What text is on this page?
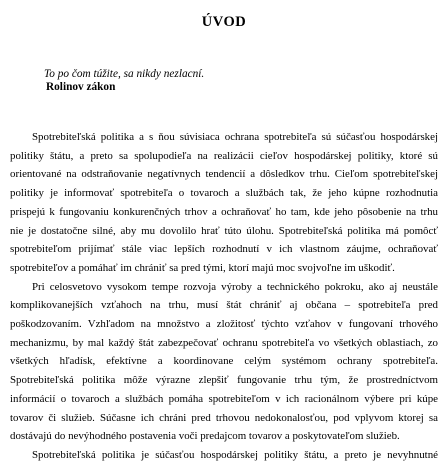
ÚVOD
To po čom túžite, sa nikdy nezlacní.
Rolinov zákon
Spotrebiteľská politika a s ňou súvisiaca ochrana spotrebiteľa sú súčasťou hospodárskej
politiky štátu, a preto sa spolupodieľa na realizácii cieľov hospodárskej politiky, ktoré sú
orientované na odstraňovanie negatívnych tendencií a dôsledkov trhu. Cieľom spotrebiteľskej
politiky je informovať spotrebiteľa o tovaroch a službách tak, že jeho kúpne rozhodnutia
prispejú k fungovaniu konkurenčných trhov a ochraňovať ho tam, kde jeho pôsobenie na trhu
nie je dostatočne silné, aby mu dovolilo hrať túto úlohu. Spotrebiteľská politika má pomôcť
spotrebiteľom prijímať stále viac lepších rozhodnutí v ich vlastnom záujme, ochraňovať
spotrebiteľov a pomáhať im chrániť sa pred tými, ktorí majú moc svojvoľne im uškodiť.
Pri celosvetovo vysokom tempe rozvoja výroby a technického pokroku, ako aj neustále
komplikovanejších vzťahoch na trhu, musí štát chrániť aj občana – spotrebiteľa pred
poškodzovaním. Vzhľadom na množstvo a zložitosť týchto vzťahov v fungovaní trhového
mechanizmu, by mal každý štát zabezpečovať ochranu spotrebiteľa vo všetkých oblastiach, zo
všetkých hľadísk, efektívne a koordinovane celým systémom ochrany spotrebiteľa.
Spotrebiteľská politika môže výrazne zlepšiť fungovanie trhu tým, že prostredníctvom
informácií o tovaroch a službách pomáha spotrebiteľom v ich racionálnom výbere pri kúpe
tovarov či služieb. Súčasne ich chráni pred trhovou nedokonalosťou, pod vplyvom ktorej sa
dostávajú do nevýhodného postavenia voči predajcom tovarov a poskytovateľom služieb.
Spotrebiteľská politika je súčasťou hospodárskej politiky štátu, a preto je nevyhnutné
